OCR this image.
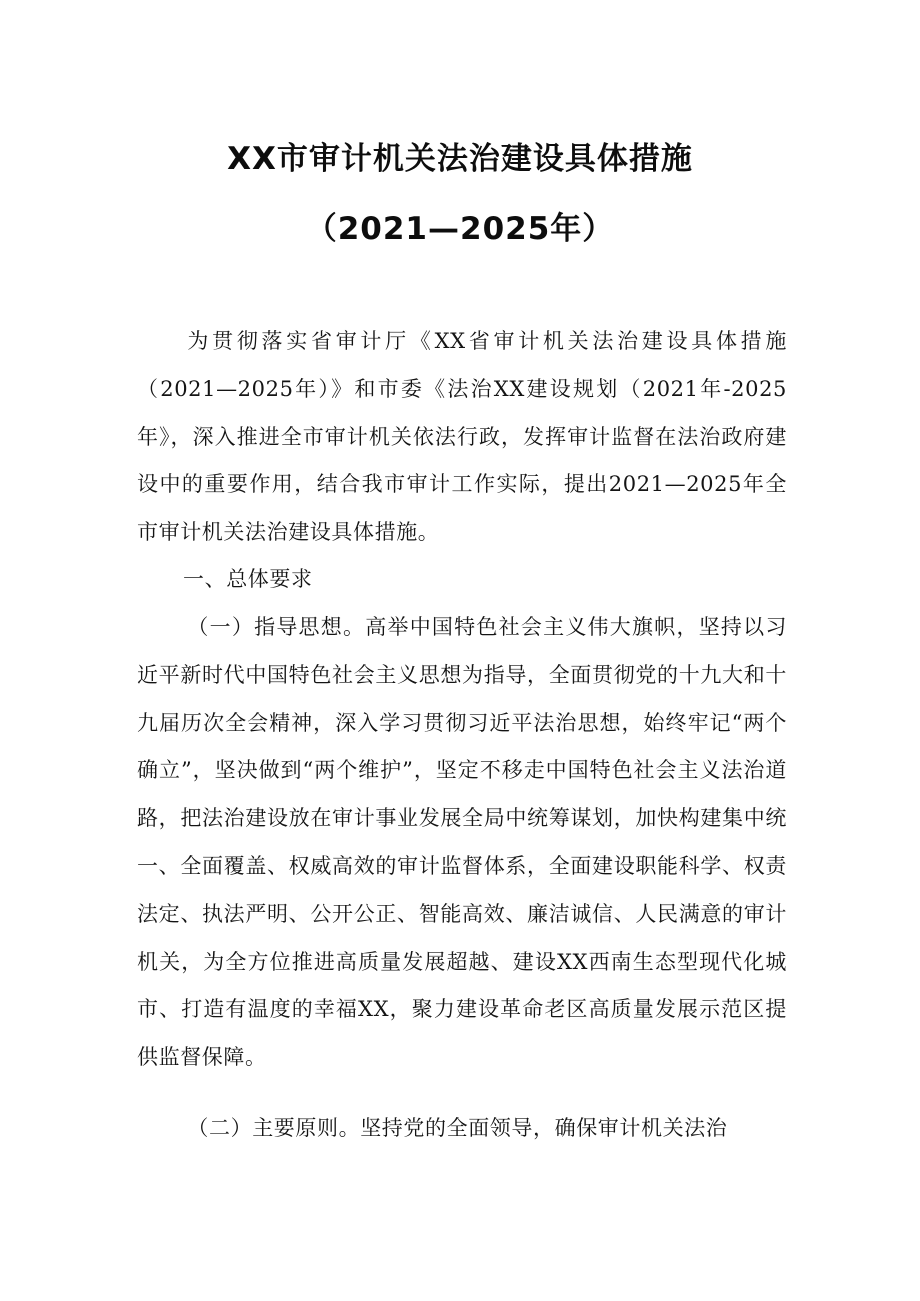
XX市审计机关法治建设具体措施
（2021—2025年）

为贯彻落实省审计厅《XX省审计机关法治建设具体措施（2021—2025年）》和市委《法治XX建设规划（2021年-2025年》，深入推进全市审计机关依法行政，发挥审计监督在法治政府建设中的重要作用，结合我市审计工作实际，提出2021—2025年全市审计机关法治建设具体措施。

一、总体要求

（一）指导思想。高举中国特色社会主义伟大旗帜，坚持以习近平新时代中国特色社会主义思想为指导，全面贯彻党的十九大和十九届历次全会精神，深入学习贯彻习近平法治思想，始终牢记“两个确立”，坚决做到“两个维护”，坚定不移走中国特色社会主义法治道路，把法治建设放在审计事业发展全局中统筹谋划，加快构建集中统一、全面覆盖、权威高效的审计监督体系，全面建设职能科学、权责法定、执法严明、公开公正、智能高效、廉洁诚信、人民满意的审计机关，为全方位推进高质量发展超越、建设XX西南生态型现代化城市、打造有温度的幸福XX，聚力建设革命老区高质量发展示范区提供监督保障。

（二）主要原则。坚持党的全面领导，确保审计机关法治
